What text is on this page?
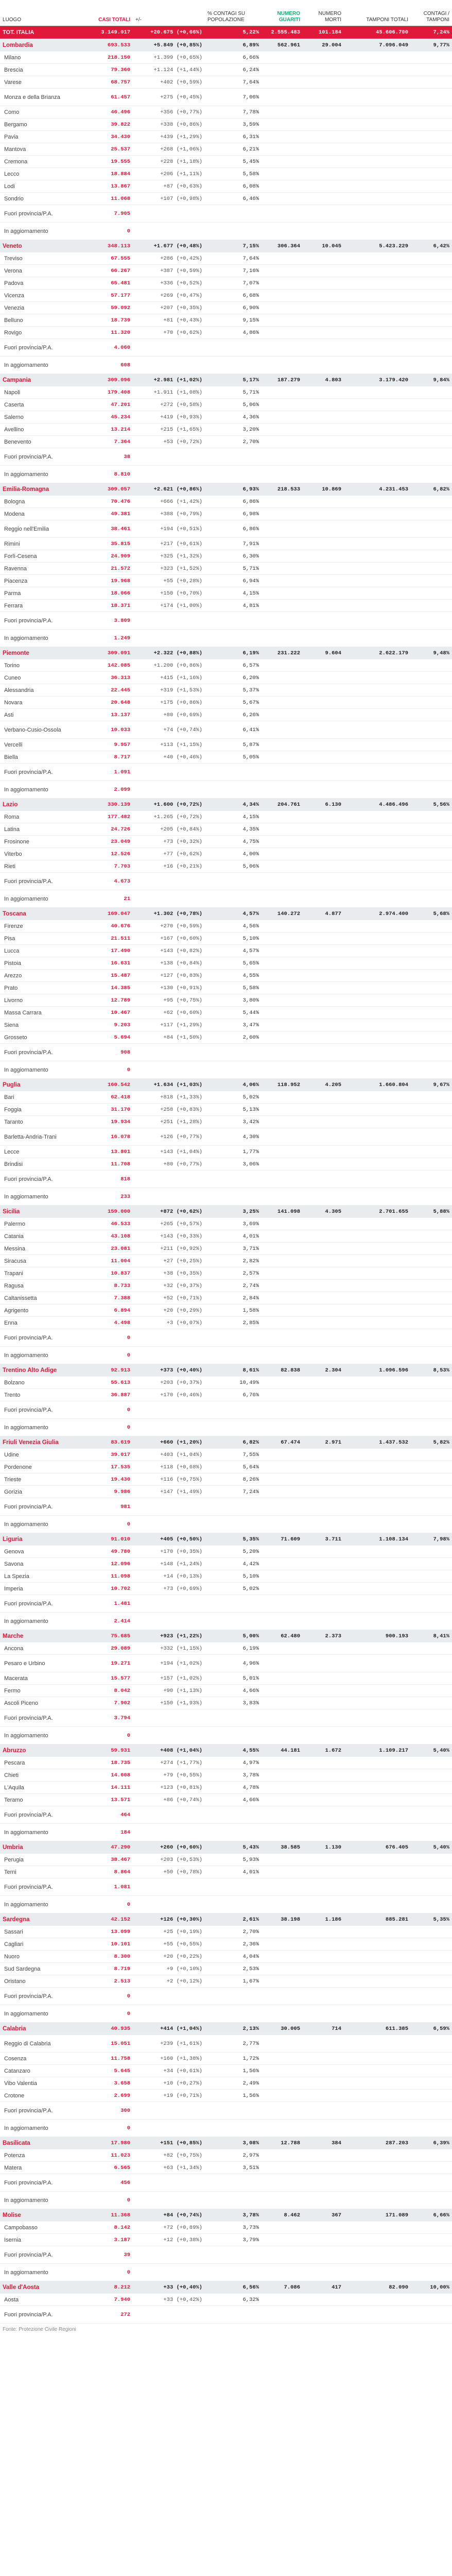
LUOGO	CASI TOTALI	+/-	% CONTAGI SU POPOLAZIONE	NUMERO GUARITI	NUMERO MORTI	TAMPONI TOTALI	CONTAGI / TAMPONI
TOT. ITALIA	3.149.017	+20.675 (+0,66%)	5,22%	2.555.483	101.184	45.606.700	7,24%
Lombardia	693.533	+5.849 (+0,85%)	6,89%	562.961	29.004	7.096.049	9,77%
Milano	218.150	+1.399 (+0,65%)	6,66%				
Brescia	79.360	+1.124 (+1,44%)	6,24%				
Varese	68.757	+402 (+0,59%)	7,64%				
Monza e della Brianza	61.457	+275 (+0,45%)	7,06%				
Como	46.496	+356 (+0,77%)	7,78%				
Bergamo	39.822	+338 (+0,86%)	3,59%				
Pavia	34.430	+439 (+1,29%)	6,31%				
Mantova	25.537	+268 (+1,06%)	6,21%				
Cremona	19.555	+228 (+1,18%)	5,45%				
Lecco	18.884	+206 (+1,11%)	5,58%				
Lodi	13.867	+87 (+0,63%)	6,08%				
Sondrio	11.068	+107 (+0,98%)	6,46%				
Fuori provincia/P.A.	7.905						
In aggiornamento	0						
Veneto	348.113	+1.677 (+0,48%)	7,15%	306.364	10.045	5.423.229	6,42%
Treviso	67.555	+286 (+0,42%)	7,64%				
Verona	66.267	+387 (+0,59%)	7,16%				
Padova	65.481	+336 (+0,52%)	7,07%				
Vicenza	57.177	+269 (+0,47%)	6,68%				
Venezia	59.092	+207 (+0,35%)	6,90%				
Belluno	18.739	+81 (+0,43%)	9,15%				
Rovigo	11.320	+70 (+0,62%)	4,86%				
Fuori provincia/P.A.	4.060						
In aggiornamento	608						
Campania	309.096	+2.981 (+1,02%)	5,17%	187.279	4.803	3.179.420	9,84%
Napoli	179.408	+1.911 (+1,08%)	5,71%				
Caserta	47.201	+272 (+0,58%)	5,06%				
Salerno	45.234	+419 (+0,93%)	4,36%				
Avellino	13.214	+215 (+1,65%)	3,20%				
Benevento	7.364	+53 (+0,72%)	2,70%				
Fuori provincia/P.A.	38						
In aggiornamento	8.810						
Emilia-Romagna	309.057	+2.621 (+0,86%)	6,93%	218.533	10.869	4.231.453	6,82%
Bologna	70.476	+666 (+1,42%)	6,86%				
Modena	49.381	+388 (+0,79%)	6,98%				
Reggio nell'Emilia	38.461	+194 (+0,51%)	6,86%				
Rimini	35.815	+217 (+0,61%)	7,91%				
Forlì-Cesena	24.909	+325 (+1,32%)	6,30%				
Ravenna	21.572	+323 (+1,52%)	5,71%				
Piacenza	19.968	+55 (+0,28%)	6,94%				
Parma	18.066	+150 (+0,70%)	4,15%				
Ferrara	18.371	+174 (+1,00%)	4,81%				
Fuori provincia/P.A.	3.809						
In aggiornamento	1.249						
Piemonte	309.091	+2.322 (+0,88%)	6,19%	231.222	9.604	2.622.179	9,48%
Torino	142.085	+1.200 (+0,86%)	6,57%				
Cuneo	36.313	+415 (+1,16%)	6,20%				
Alessandria	22.445	+319 (+1,53%)	5,37%				
Novara	20.648	+175 (+0,86%)	5,67%				
Asti	13.137	+80 (+0,69%)	6,26%				
Verbano-Cusio-Ossola	10.033	+74 (+0,74%)	6,41%				
Vercelli	9.957	+113 (+1,15%)	5,87%				
Biella	8.717	+40 (+0,46%)	5,05%				
Fuori provincia/P.A.	1.091						
In aggiornamento	2.099						
Lazio	330.139	+1.600 (+0,72%)	4,34%	204.761	6.130	4.486.496	5,56%
Roma	177.482	+1.265 (+0,72%)	4,15%				
Latina	24.726	+205 (+0,84%)	4,35%				
Frosinone	23.049	+73 (+0,32%)	4,75%				
Viterbo	12.526	+77 (+0,62%)	4,00%				
Rieti	7.703	+16 (+0,21%)	5,06%				
Fuori provincia/P.A.	4.673						
In aggiornamento	21						
Toscana	169.047	+1.302 (+0,78%)	4,57%	140.272	4.877	2.974.400	5,68%
Firenze	40.676	+270 (+0,59%)	4,56%				
Pisa	21.511	+167 (+0,60%)	5,10%				
Lucca	17.490	+143 (+0,82%)	4,57%				
Pistoia	16.631	+138 (+0,84%)	5,65%				
Arezzo	15.487	+127 (+0,83%)	4,55%				
Prato	14.385	+130 (+0,91%)	5,58%				
Livorno	12.789	+95 (+0,75%)	3,80%				
Massa Carrara	10.467	+62 (+0,60%)	5,44%				
Siena	9.203	+117 (+1,29%)	3,47%				
Grosseto	5.694	+84 (+1,50%)	2,60%				
Fuori provincia/P.A.	908						
In aggiornamento	0						
Puglia	160.542	+1.634 (+1,03%)	4,06%	118.952	4.205	1.660.804	9,67%
Bari	62.418	+818 (+1,33%)	5,02%				
Foggia	31.170	+258 (+0,83%)	5,13%				
Taranto	19.934	+251 (+1,28%)	3,42%				
Barletta-Andria-Trani	16.078	+126 (+0,77%)	4,30%				
Lecce	13.801	+143 (+1,04%)	1,77%				
Brindisi	11.708	+80 (+0,77%)	3,06%				
Fuori provincia/P.A.	818						
In aggiornamento	233						
Sicilia	159.000	+872 (+0,62%)	3,25%	141.098	4.305	2.701.655	5,88%
Palermo	46.533	+265 (+0,57%)	3,69%				
Catania	43.108	+143 (+0,33%)	4,01%				
Messina	23.081	+211 (+0,92%)	3,71%				
Siracusa	11.004	+27 (+0,25%)	2,82%				
Trapani	10.837	+38 (+0,35%)	2,57%				
Ragusa	8.733	+32 (+0,37%)	2,74%				
Caltanissetta	7.388	+52 (+0,71%)	2,84%				
Agrigento	6.894	+20 (+0,29%)	1,58%				
Enna	4.498	+3 (+0,07%)	2,85%				
Fuori provincia/P.A.	0						
In aggiornamento	0						
Trentino Alto Adige	92.913	+373 (+0,40%)	8,61%	82.838	2.304	1.096.596	8,53%
Bolzano	55.613	+203 (+0,37%)	10,49%				
Trento	36.887	+170 (+0,46%)	6,76%				
Fuori provincia/P.A.	0						
In aggiornamento	0						
Friuli Venezia Giulia	83.619	+660 (+1,20%)	6,82%	67.474	2.971	1.437.532	5,82%
Udine	39.017	+403 (+1,04%)	7,55%				
Pordenone	17.535	+118 (+0,68%)	5,64%				
Trieste	19.430	+116 (+0,75%)	8,26%				
Gorizia	9.986	+147 (+1,49%)	7,24%				
Fuori provincia/P.A.	981						
In aggiornamento	0						
Liguria	91.010	+405 (+0,50%)	5,35%	71.609	3.711	1.108.134	7,98%
Genova	49.780	+170 (+0,35%)	5,20%				
Savona	12.096	+148 (+1,24%)	4,42%				
La Spezia	11.098	+14 (+0,13%)	5,10%				
Imperia	10.702	+73 (+0,69%)	5,02%				
Fuori provincia/P.A.	1.481						
In aggiornamento	2.414						
Marche	75.685	+923 (+1,22%)	5,00%	62.480	2.373	900.193	8,41%
Ancona	29.089	+332 (+1,15%)	6,19%				
Pesaro e Urbino	19.271	+194 (+1,02%)	4,96%				
Macerata	15.577	+157 (+1,02%)	5,01%				
Fermo	8.042	+90 (+1,13%)	4,66%				
Ascoli Piceno	7.902	+150 (+1,93%)	3,83%				
Fuori provincia/P.A.	3.794						
In aggiornamento	0						
Abruzzo	59.931	+408 (+1,04%)	4,55%	44.181	1.672	1.109.217	5,40%
Pescara	18.735	+274 (+1,77%)	4,97%				
Chieti	14.608	+79 (+0,55%)	3,78%				
L'Aquila	14.111	+123 (+0,81%)	4,78%				
Teramo	13.571	+86 (+0,74%)	4,66%				
Fuori provincia/P.A.	464						
In aggiornamento	184						
Umbria	47.290	+260 (+0,60%)	5,43%	38.585	1.130	676.405	5,40%
Perugia	38.467	+203 (+0,53%)	5,93%				
Terni	8.864	+50 (+0,78%)	4,01%				
Fuori provincia/P.A.	1.081						
In aggiornamento	0						
Sardegna	42.152	+126 (+0,30%)	2,61%	38.198	1.186	885.281	5,35%
Sassari	13.099	+25 (+0,19%)	2,70%				
Cagliari	10.101	+55 (+0,55%)	2,36%				
Nuoro	8.300	+20 (+0,22%)	4,04%				
Sud Sardegna	8.719	+9 (+0,10%)	2,53%				
Oristano	2.513	+2 (+0,12%)	1,67%				
Fuori provincia/P.A.	0						
In aggiornamento	0						
Calabria	40.935	+414 (+1,04%)	2,13%	30.005	714	611.385	6,59%
Reggio di Calabria	15.051	+239 (+1,61%)	2,77%				
Cosenza	11.758	+160 (+1,38%)	1,72%				
Catanzaro	5.645	+34 (+0,61%)	1,56%				
Vibo Valentia	3.658	+10 (+0,27%)	2,49%				
Crotone	2.699	+19 (+0,71%)	1,56%				
Fuori provincia/P.A.	300						
In aggiornamento	0						
Basilicata	17.980	+151 (+0,85%)	3,08%	12.788	384	287.203	6,39%
Potenza	11.023	+82 (+0,75%)	2,97%				
Matera	6.565	+63 (+1,34%)	3,51%				
Fuori provincia/P.A.	456						
In aggiornamento	0						
Molise	11.368	+84 (+0,74%)	3,78%	8.462	367	171.089	6,66%
Campobasso	8.142	+72 (+0,89%)	3,73%				
Isernia	3.187	+12 (+0,38%)	3,79%				
Fuori provincia/P.A.	39						
In aggiornamento	0						
Valle d'Aosta	8.212	+33 (+0,40%)	6,56%	7.086	417	82.090	10,00%
Aosta	7.940	+33 (+0,42%)	6,32%				
Fuori provincia/P.A.	272						
Fonte: Protezione Civile Regioni
